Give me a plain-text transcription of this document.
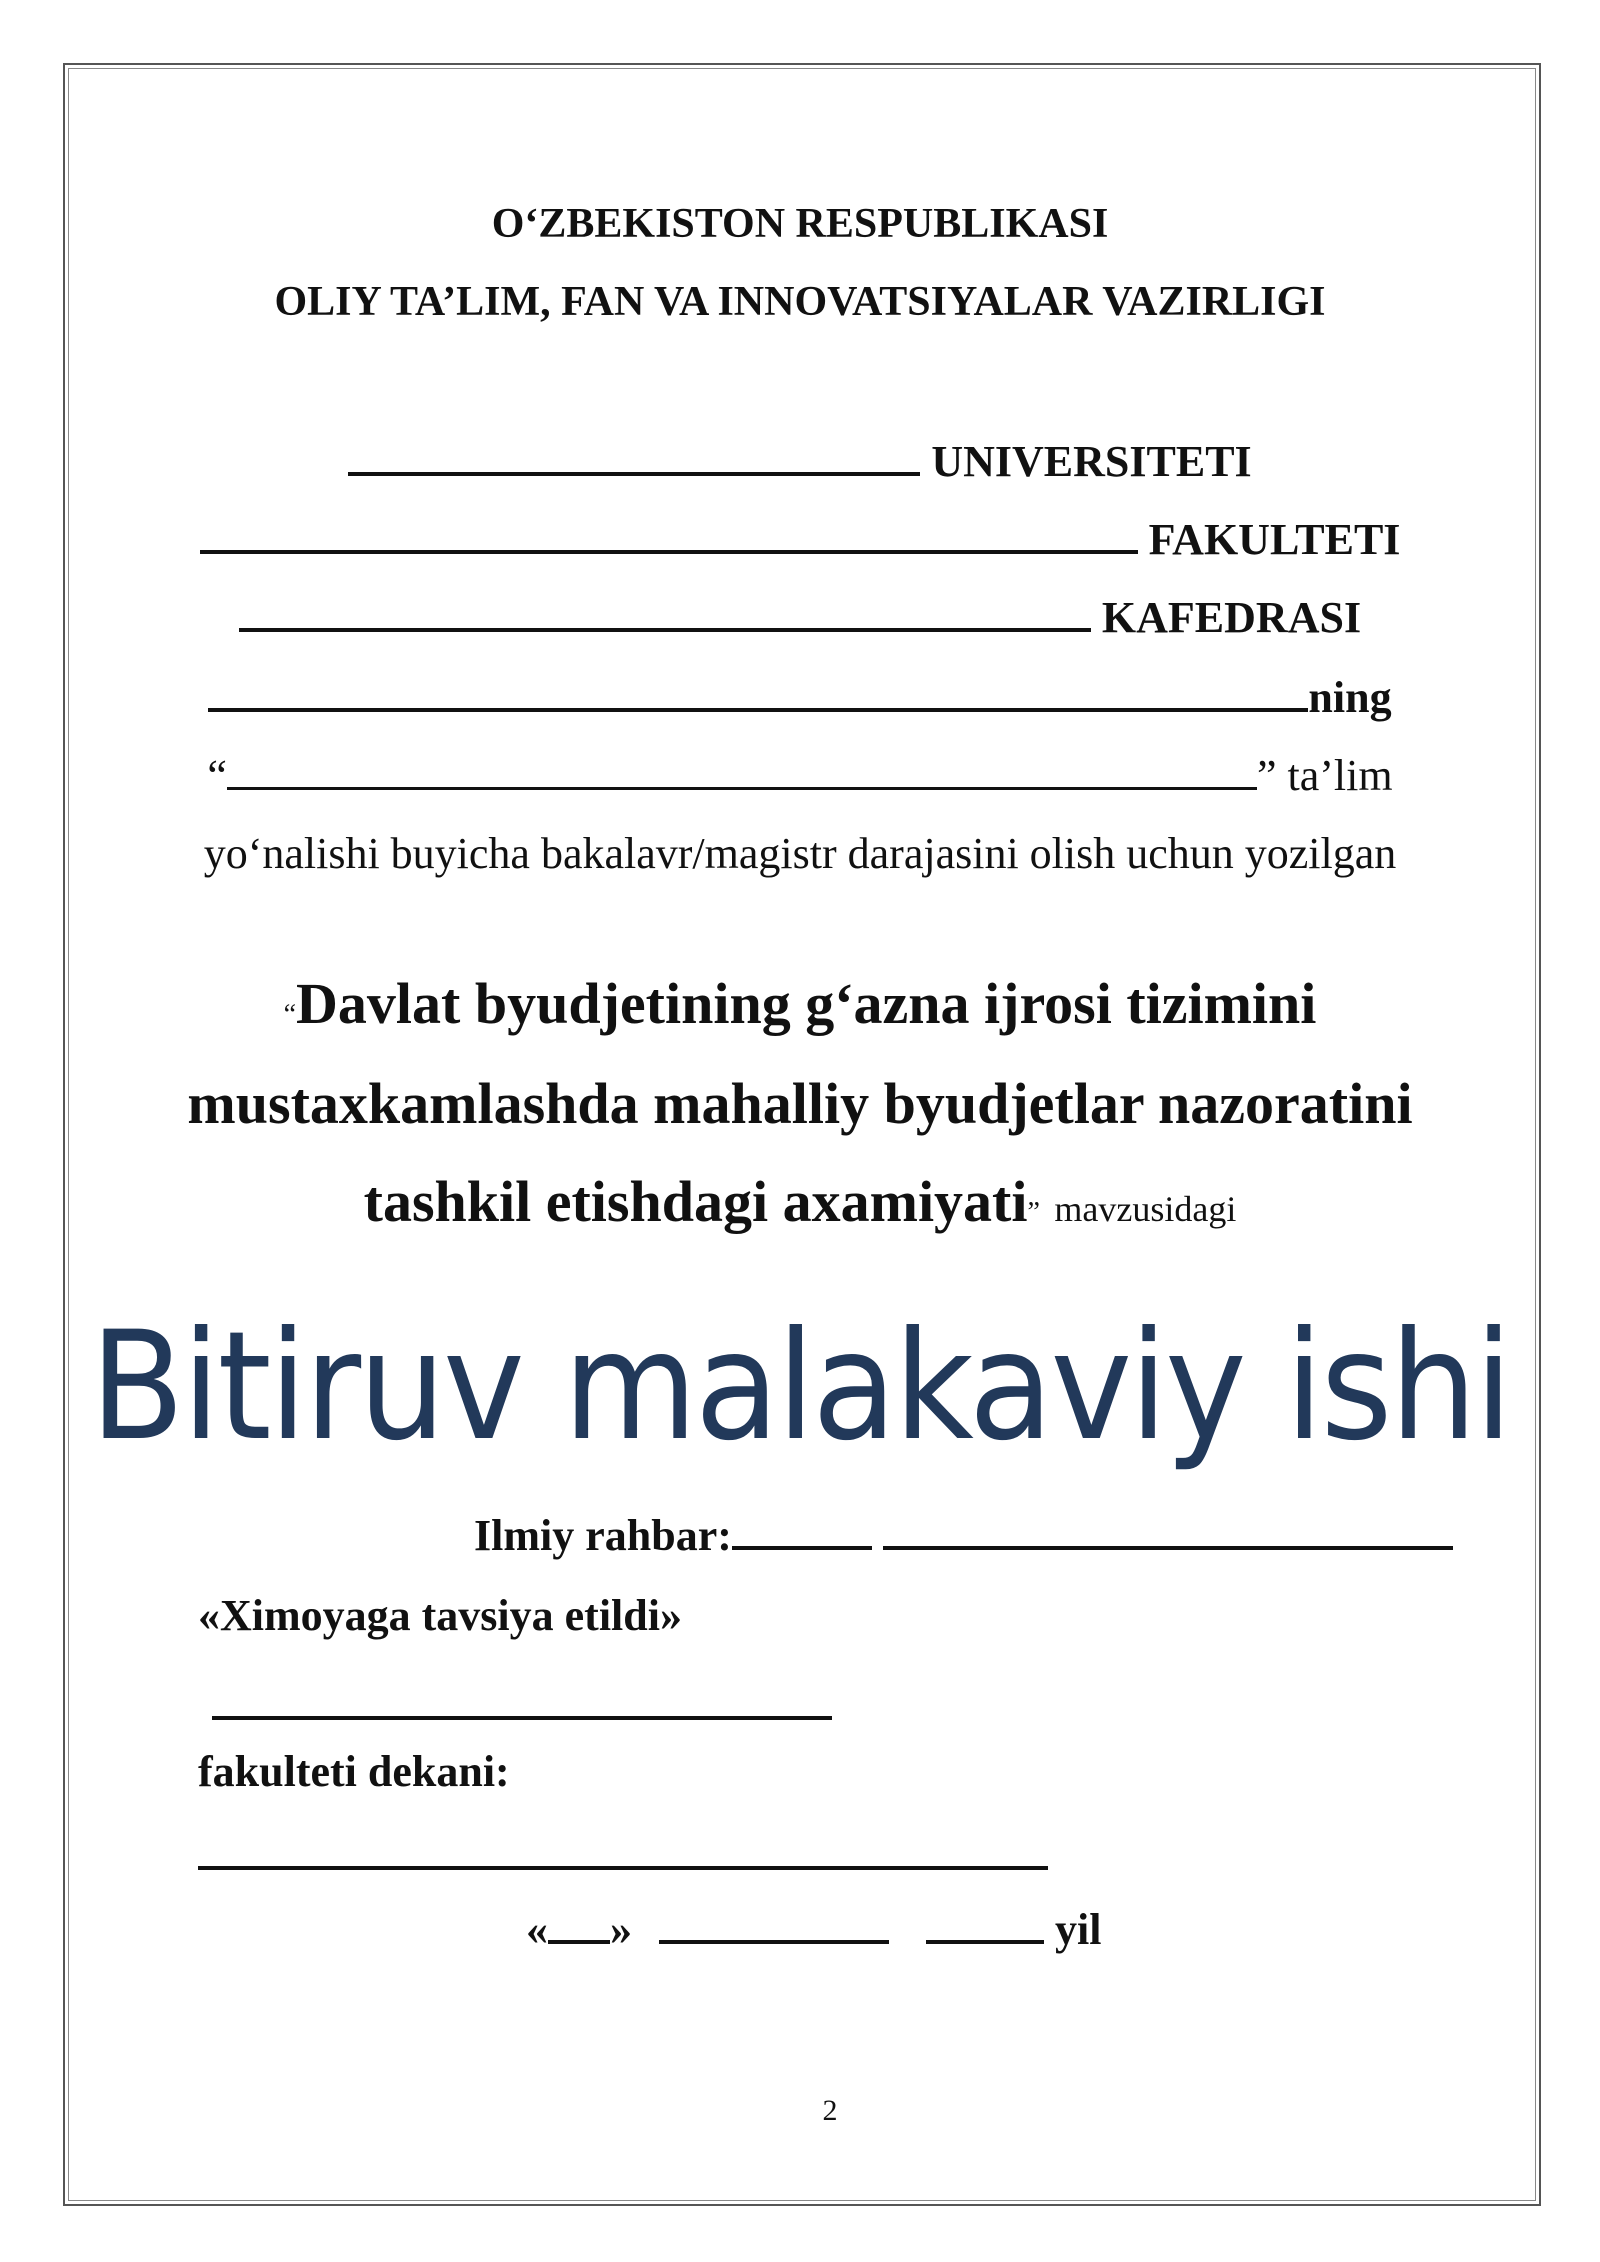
O‘ZBEKISTON RESPUBLIKASI
OLIY TA’LIM, FAN VA INNOVATSIYALAR VAZIRLIGI
UNIVERSITETI
FAKULTETI
KAFEDRASI
ning
“	” ta’lim
yo‘nalishi buyicha bakalavr/magistr darajasini olish uchun yozilgan
“Davlat byudjetining g‘azna ijrosi tizimini
mustaxkamlashda mahalliy byudjetlar nazoratini
tashkil etishdagi axamiyati” mavzusidagi
Bitiruv malakaviy ishi
Ilmiy rahbar:
«Ximoyaga tavsiya etildi»
fakulteti dekani:
« »	yil
2
